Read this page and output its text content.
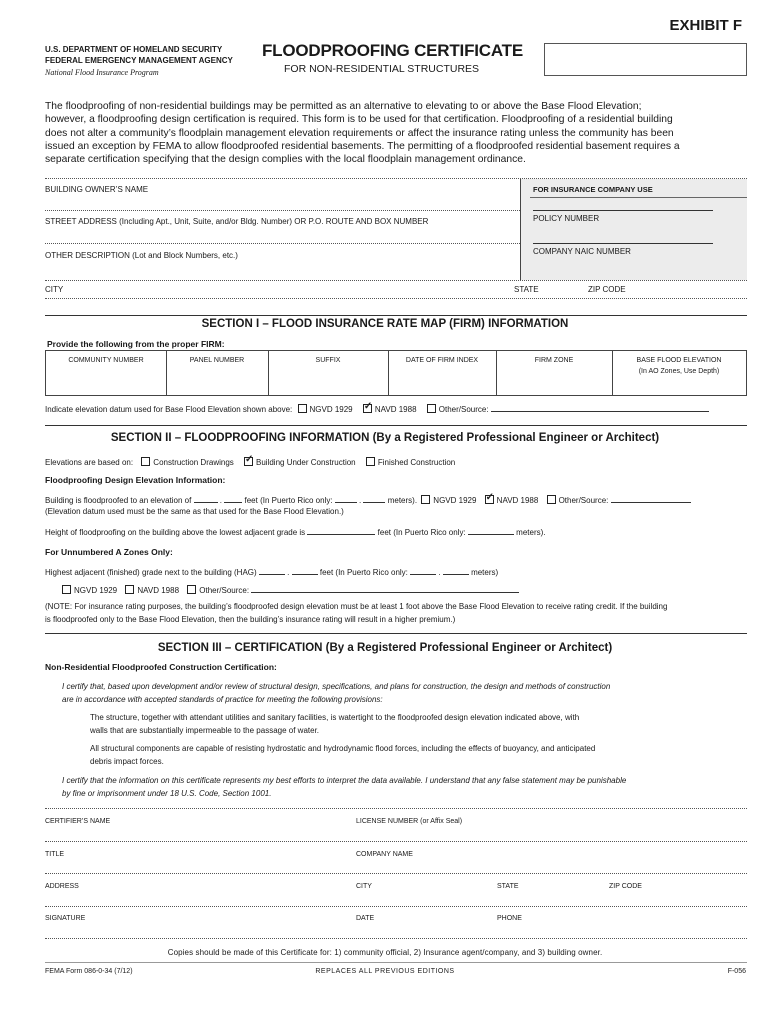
EXHIBIT F
U.S. DEPARTMENT OF HOMELAND SECURITY
FEDERAL EMERGENCY MANAGEMENT AGENCY
National Flood Insurance Program
FLOODPROOFING CERTIFICATE
FOR NON-RESIDENTIAL STRUCTURES
The floodproofing of non-residential buildings may be permitted as an alternative to elevating to or above the Base Flood Elevation;
however, a floodproofing design certification is required. This form is to be used for that certification. Floodproofing of a residential building
does not alter a community’s floodplain management elevation requirements or affect the insurance rating unless the community has been
issued an exception by FEMA to allow floodproofed residential basements. The permitting of a floodproofed residential basement requires a
separate certification specifying that the design complies with the local floodplain management ordinance.
BUILDING OWNER’S NAME	FOR INSURANCE COMPANY USE
STREET ADDRESS (Including Apt., Unit, Suite, and/or Bldg. Number) OR P.O. ROUTE AND BOX NUMBER	POLICY NUMBER
OTHER DESCRIPTION (Lot and Block Numbers, etc.)	COMPANY NAIC NUMBER
CITY	STATE	ZIP CODE
SECTION I – FLOOD INSURANCE RATE MAP (FIRM) INFORMATION
Provide the following from the proper FIRM:
COMMUNITY NUMBER	PANEL NUMBER	SUFFIX	DATE OF FIRM INDEX	FIRM ZONE	BASE FLOOD ELEVATION
(In AO Zones, Use Depth)
Indicate elevation datum used for Base Flood Elevation shown above: NGVD 1929 ✓	NAVD 1988	Other/Source:
SECTION II – FLOODPROOFING INFORMATION (By a Registered Professional Engineer or Architect)
Elevations are based on:	Construction Drawings ✓	Building Under Construction	Finished Construction
Floodproofing Design Elevation Information:
Building is floodproofed to an elevation of	.	feet (In Puerto Rico only:	.	meters). NGVD 1929 ✓	NAVD 1988	Other/Source:
(Elevation datum used must be the same as that used for the Base Flood Elevation.)
Height of floodproofing on the building above the lowest adjacent grade is	feet (In Puerto Rico only:	meters).
For Unnumbered A Zones Only:
Highest adjacent (finished) grade next to the building (HAG)	.	feet (In Puerto Rico only:	.	meters)
NGVD 1929	NAVD 1988	Other/Source:
(NOTE: For insurance rating purposes, the building’s floodproofed design elevation must be at least 1 foot above the Base Flood Elevation to receive rating credit. If the building
is floodproofed only to the Base Flood Elevation, then the building’s insurance rating will result in a higher premium.)
SECTION III – CERTIFICATION (By a Registered Professional Engineer or Architect)
Non-Residential Floodproofed Construction Certification:
I certify that, based upon development and/or review of structural design, specifications, and plans for construction, the design and methods of construction
are in accordance with accepted standards of practice for meeting the following provisions:
The structure, together with attendant utilities and sanitary facilities, is watertight to the floodproofed design elevation indicated above, with
walls that are substantially impermeable to the passage of water.
All structural components are capable of resisting hydrostatic and hydrodynamic flood forces, including the effects of buoyancy, and anticipated
debris impact forces.
I certify that the information on this certificate represents my best efforts to interpret the data available. I understand that any false statement may be punishable
by fine or imprisonment under 18 U.S. Code, Section 1001.
CERTIFIER’S NAME	LICENSE NUMBER (or Affix Seal)
TITLE	COMPANY NAME
ADDRESS	CITY	STATE	ZIP CODE
SIGNATURE	DATE	PHONE
Copies should be made of this Certificate for: 1) community official, 2) Insurance agent/company, and 3) building owner.
FEMA Form 086-0-34 (7/12)	REPLACES ALL PREVIOUS EDITIONS	F-056
